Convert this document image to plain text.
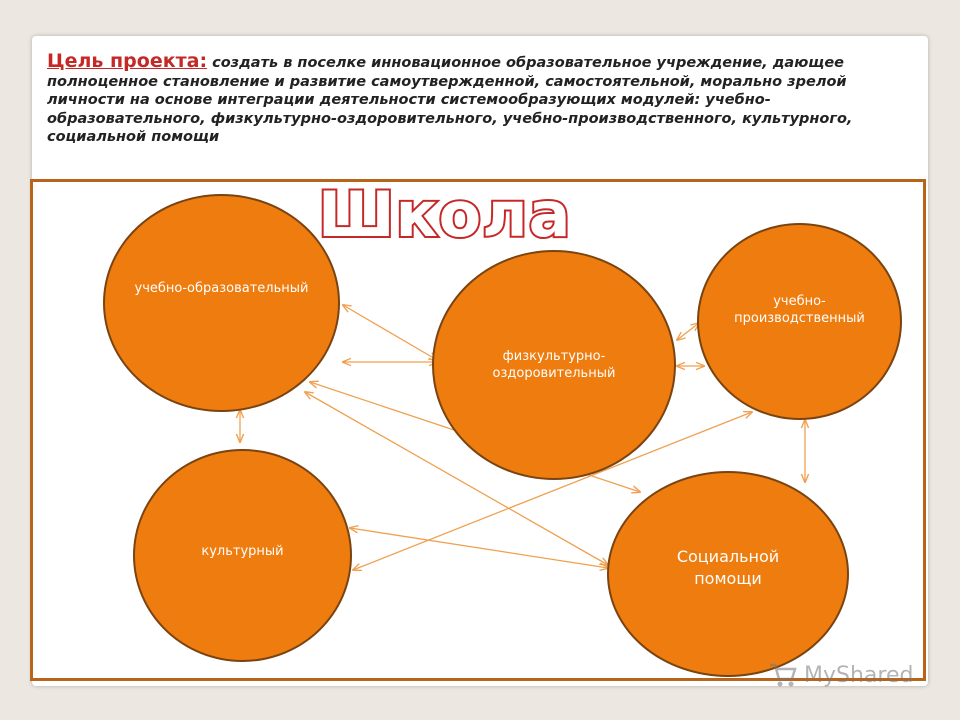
Цель проекта: создать в поселке инновационное образовательное учреждение, дающее полноценное становление и развитие самоутвержденной, самостоятельной, морально зрелой личности на основе интеграции деятельности системообразующих модулей: учебно-образовательного, физкультурно-оздоровительного, учебно-производственного, культурного, социальной помощи
Школа
учебно-образовательный
физкультурно-оздоровительный
учебно-производственный
культурный	Социальной помощи
MyShared
